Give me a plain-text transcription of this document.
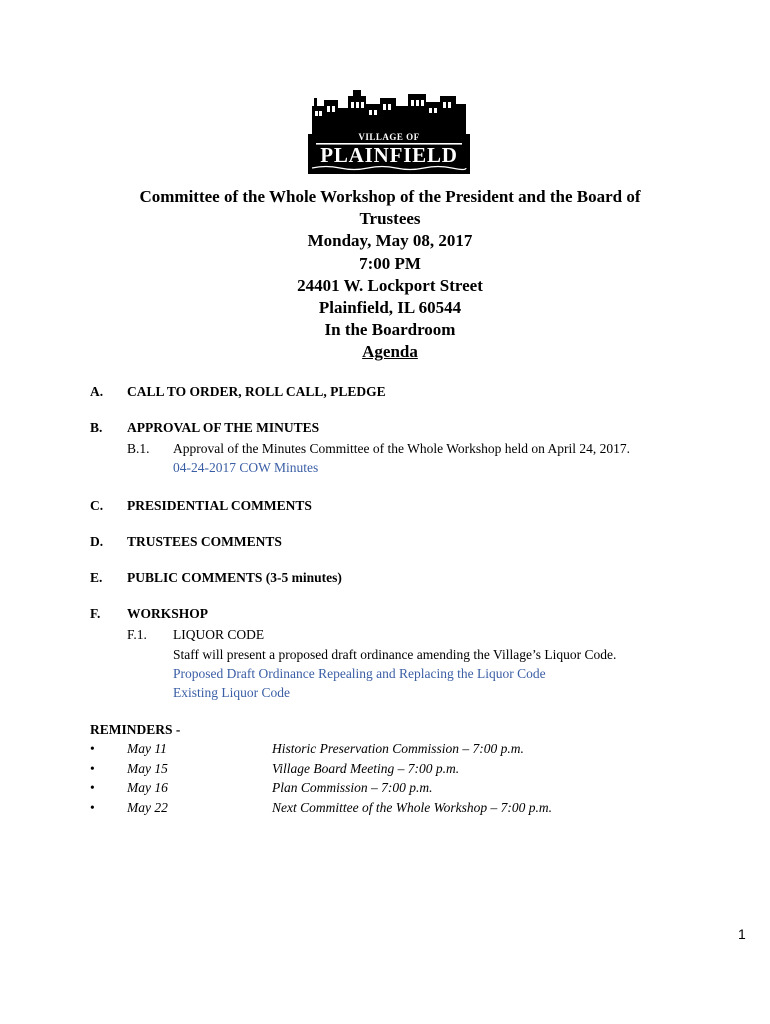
VILLAGE OF
PLAINFIELD
Committee of the Whole Workshop of the President and the Board of
Trustees
Monday, May 08, 2017
7:00 PM
24401 W. Lockport Street
Plainfield, IL 60544
In the Boardroom
Agenda
A. CALL TO ORDER, ROLL CALL, PLEDGE
B. APPROVAL OF THE MINUTES
B.1. Approval of the Minutes Committee of the Whole Workshop held on April 24, 2017.
04-24-2017 COW Minutes
C. PRESIDENTIAL COMMENTS
D. TRUSTEES COMMENTS
E. PUBLIC COMMENTS (3-5 minutes)
F. WORKSHOP
F.1. LIQUOR CODE
Staff will present a proposed draft ordinance amending the Village’s Liquor Code.
Proposed Draft Ordinance Repealing and Replacing the Liquor Code
Existing Liquor Code
REMINDERS -
• May 11	Historic Preservation Commission – 7:00 p.m.
• May 15	Village Board Meeting – 7:00 p.m.
• May 16	Plan Commission – 7:00 p.m.
• May 22	Next Committee of the Whole Workshop – 7:00 p.m.
1
